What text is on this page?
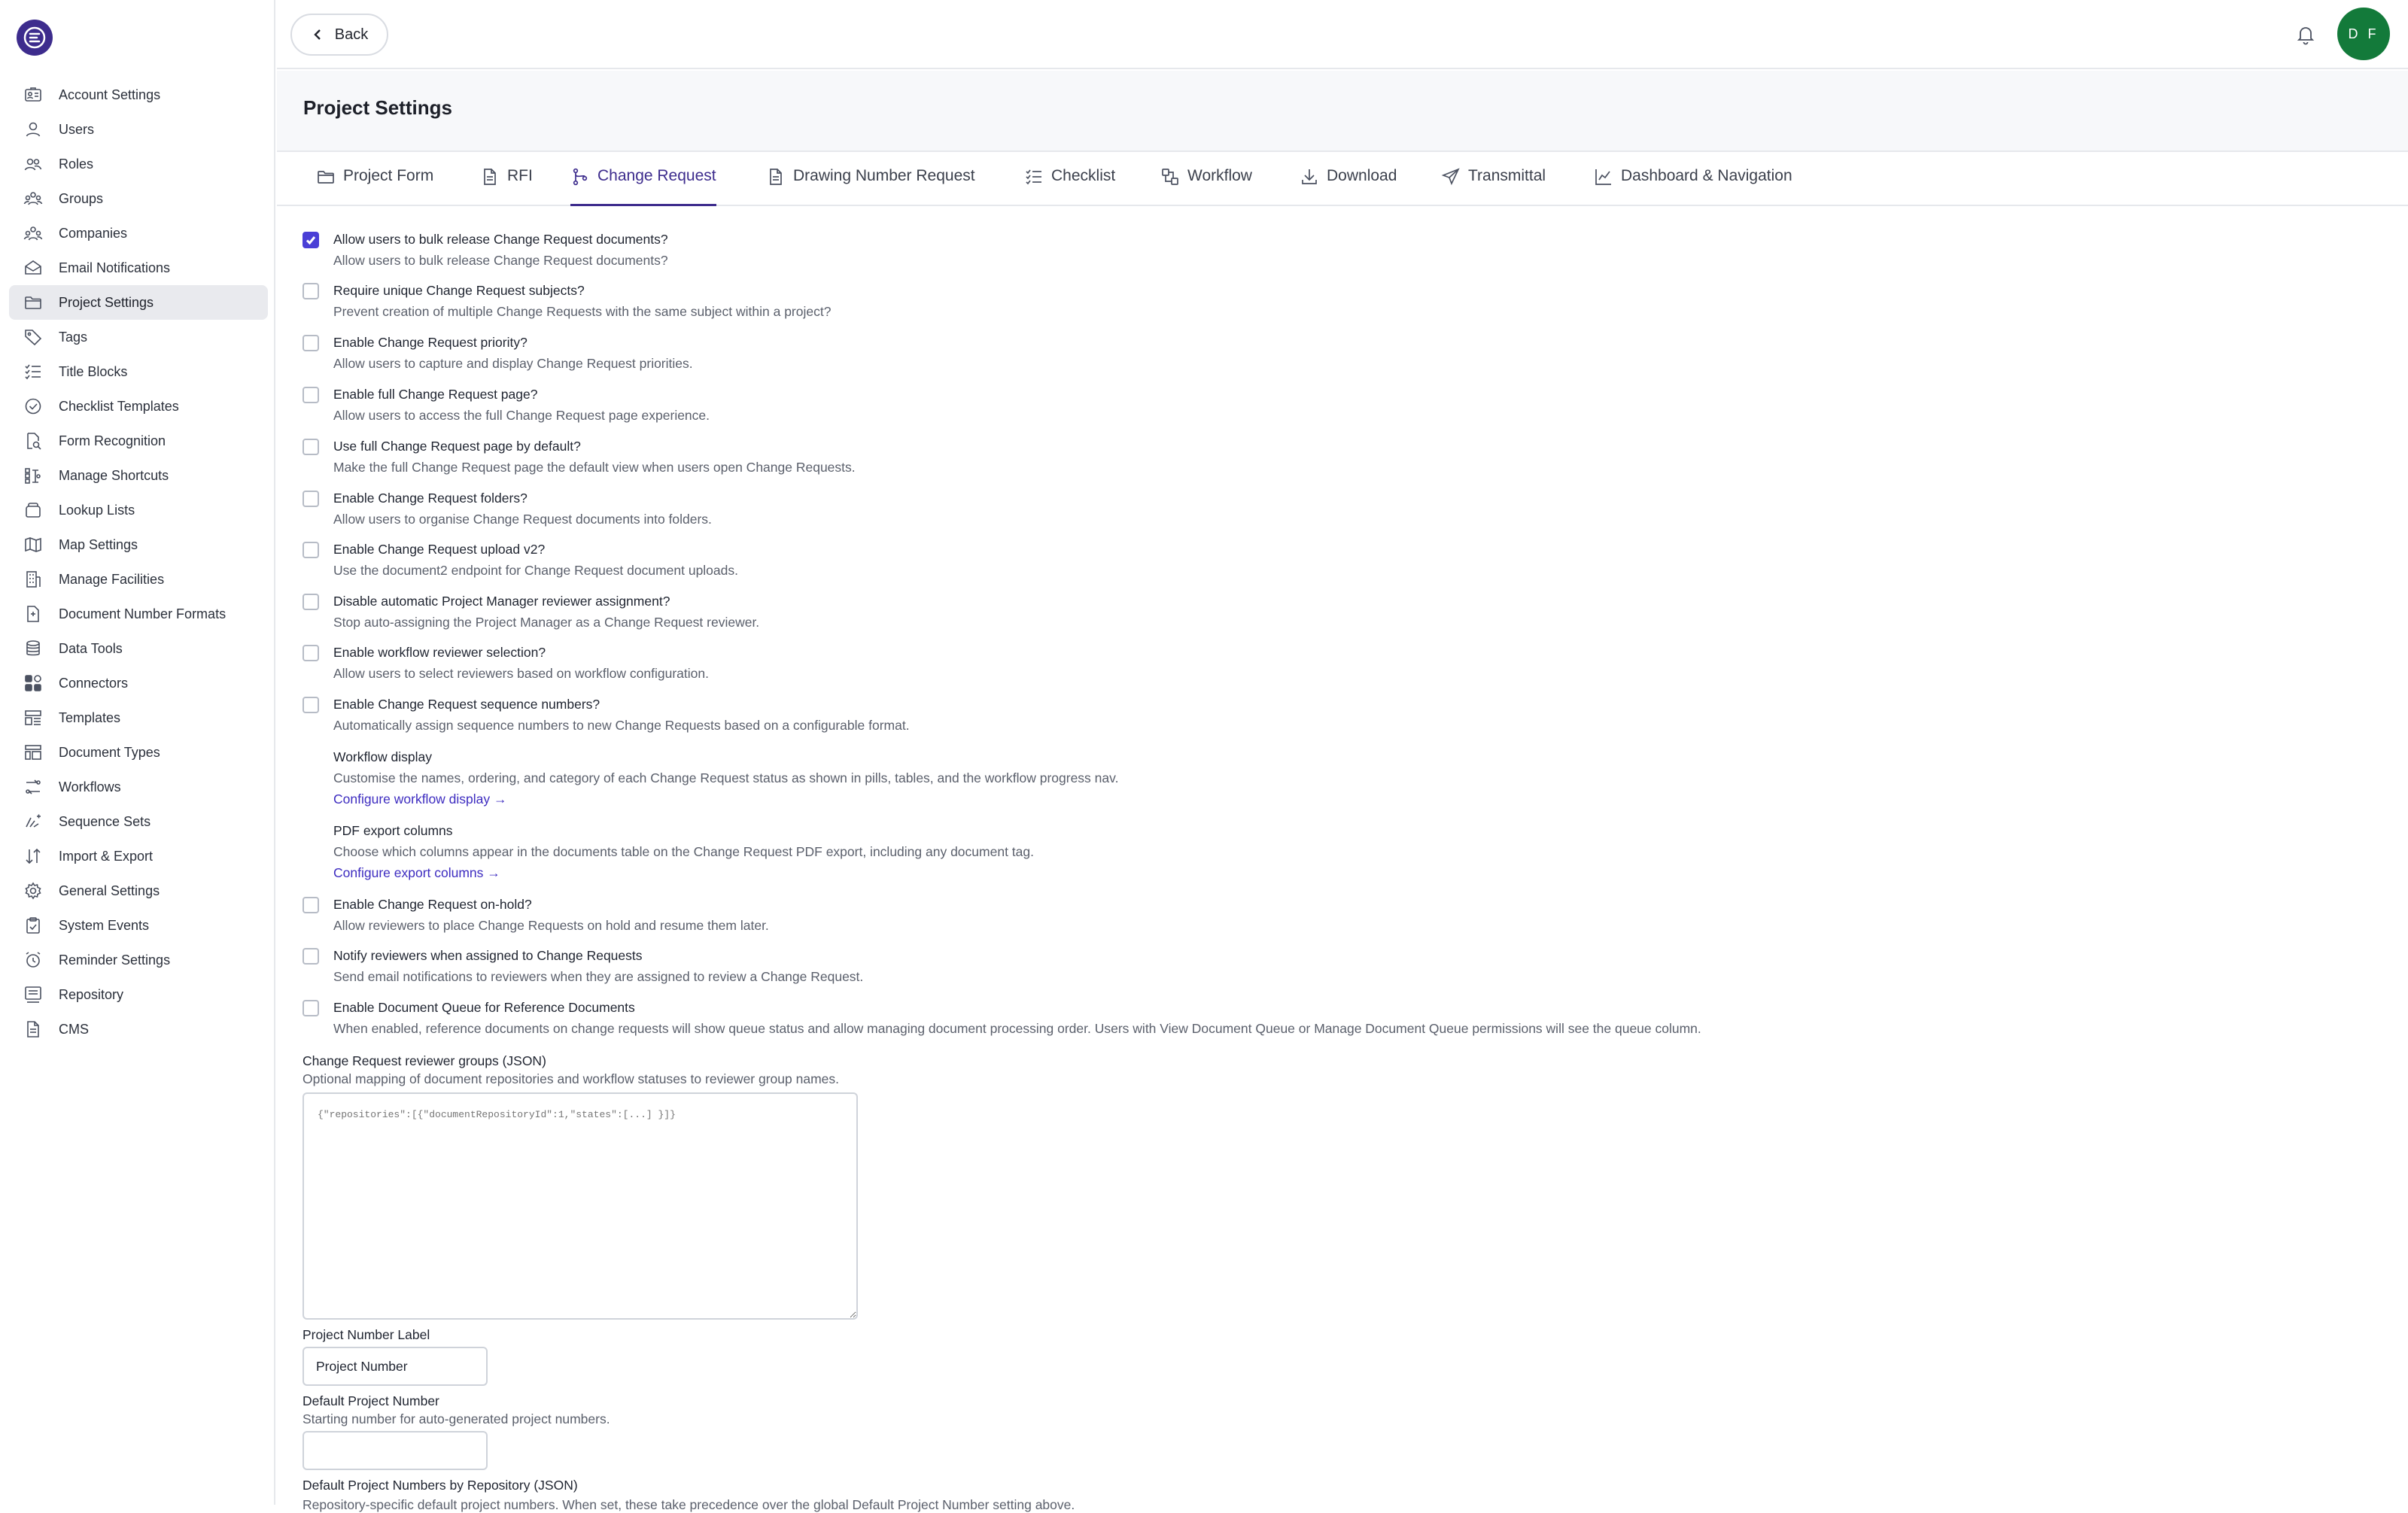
Account Settings
Users
Roles
Groups
Companies
Email Notifications
Project Settings
Tags
Title Blocks
Checklist Templates
Form Recognition
Manage Shortcuts
Lookup Lists
Map Settings
Manage Facilities
Document Number Formats
Data Tools
Connectors
Templates
Document Types
Workflows
Sequence Sets
Import & Export
General Settings
System Events
Reminder Settings
Repository
CMS
Back	D F
Project Settings
Project Form	RFI	Change Request	Drawing Number Request	Checklist	Workflow	Download	Transmittal	Dashboard & Navigation
Allow users to bulk release Change Request documents?
Allow users to bulk release Change Request documents?
Require unique Change Request subjects?
Prevent creation of multiple Change Requests with the same subject within a project?
Enable Change Request priority?
Allow users to capture and display Change Request priorities.
Enable full Change Request page?
Allow users to access the full Change Request page experience.
Use full Change Request page by default?
Make the full Change Request page the default view when users open Change Requests.
Enable Change Request folders?
Allow users to organise Change Request documents into folders.
Enable Change Request upload v2?
Use the document2 endpoint for Change Request document uploads.
Disable automatic Project Manager reviewer assignment?
Stop auto-assigning the Project Manager as a Change Request reviewer.
Enable workflow reviewer selection?
Allow users to select reviewers based on workflow configuration.
Enable Change Request sequence numbers?
Automatically assign sequence numbers to new Change Requests based on a configurable format.
Workflow display
Customise the names, ordering, and category of each Change Request status as shown in pills, tables, and the workflow progress nav.
Configure workflow display →
PDF export columns
Choose which columns appear in the documents table on the Change Request PDF export, including any document tag.
Configure export columns →
Enable Change Request on-hold?
Allow reviewers to place Change Requests on hold and resume them later.
Notify reviewers when assigned to Change Requests
Send email notifications to reviewers when they are assigned to review a Change Request.
Enable Document Queue for Reference Documents
When enabled, reference documents on change requests will show queue status and allow managing document processing order. Users with View Document Queue or Manage Document Queue permissions will see the queue column.
Change Request reviewer groups (JSON)
Optional mapping of document repositories and workflow statuses to reviewer group names.
{"repositories":[{"documentRepositoryId":1,"states":[...] }]}
Project Number Label
Project Number
Default Project Number
Starting number for auto-generated project numbers.
Default Project Numbers by Repository (JSON)
Repository-specific default project numbers. When set, these take precedence over the global Default Project Number setting above.
